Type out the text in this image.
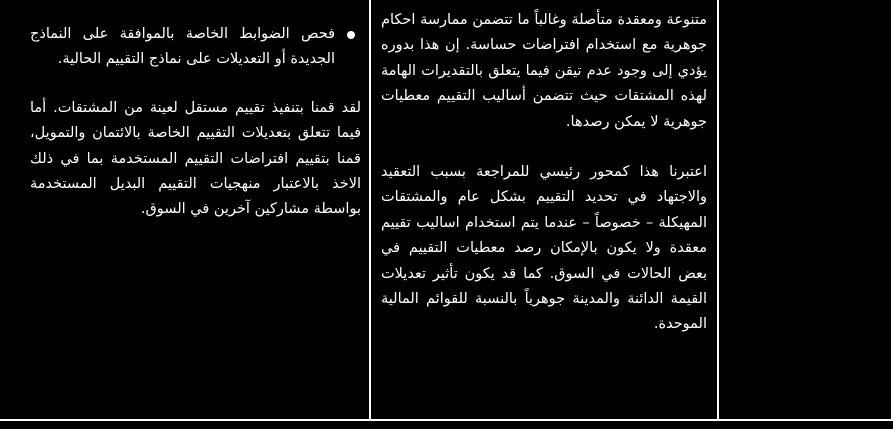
متنوعة ومعقدة متأصلة وغالباً ما تتضمن ممارسة احكام جوهرية مع استخدام افتراضات حساسة. إن هذا بدوره يؤدي إلى وجود عدم تيقن فيما يتعلق بالتقديرات الهامة لهذه المشتقات حيث تتضمن أساليب التقييم معطيات جوهرية لا يمكن رصدها.

اعتبرنا هذا كمحور رئيسي للمراجعة بسبب التعقيد والاجتهاد في تحديد التقييم بشكل عام والمشتقات المهيكلة – خصوصاً – عندما يتم استخدام اساليب تقييم معقدة ولا يكون بالإمكان رصد معطيات التقييم في بعض الحالات في السوق. كما قد يكون تأثير تعديلات القيمة الدائنة والمدينة جوهرياً بالنسبة للقوائم المالية الموحدة.

فحص الضوابط الخاصة بالموافقة على النماذج الجديدة أو التعديلات على نماذج التقييم الحالية.

لقد قمنا بتنفيذ تقييم مستقل لعينة من المشتقات. أما فيما تتعلق بتعديلات التقييم الخاصة بالائتمان والتمويل، قمنا بتقييم افتراضات التقييم المستخدمة بما في ذلك الاخذ بالاعتبار منهجيات التقييم البديل المستخدمة بواسطة مشاركين آخرين في السوق.
